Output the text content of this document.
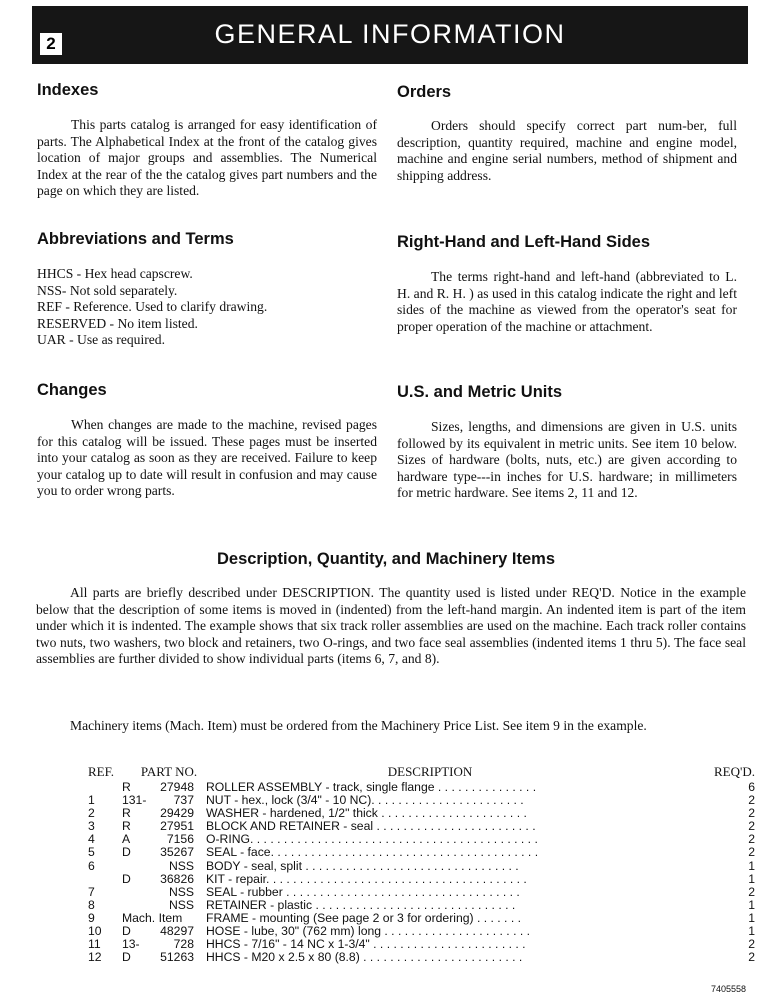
2	GENERAL INFORMATION
Indexes

This parts catalog is arranged for easy identification of parts. The Alphabetical Index at the front of the catalog gives location of major groups and assemblies. The Numerical Index at the rear of the the catalog gives part numbers and the page on which they are listed.

Abbreviations and Terms
HHCS - Hex head capscrew.
NSS- Not sold separately.
REF - Reference. Used to clarify drawing.
RESERVED - No item listed.
UAR - Use as required.
Changes

When changes are made to the machine, revised pages for this catalog will be issued. These pages must be inserted into your catalog as soon as they are received. Failure to keep your catalog up to date will result in confusion and may cause you to order wrong parts.

Orders

Orders should specify correct part num-ber, full description, quantity required, machine and engine model, machine and engine serial numbers, method of shipment and shipping address.

Right-Hand and Left-Hand Sides

The terms right-hand and left-hand (abbreviated to L. H. and R. H. ) as used in this catalog indicate the right and left sides of the machine as viewed from the operator's seat for proper operation of the machine or attachment.

U.S. and Metric Units

Sizes, lengths, and dimensions are given in U.S. units followed by its equivalent in metric units. See item 10 below. Sizes of hardware (bolts, nuts, etc.) are given according to hardware type---in inches for U.S. hardware; in millimeters for metric hardware. See items 2, 11 and 12.

Description, Quantity, and Machinery Items

All parts are briefly described under DESCRIPTION. The quantity used is listed under REQ'D. Notice in the example below that the description of some items is moved in (indented) from the left-hand margin. An indented item is part of the item under which it is indented. The example shows that six track roller assemblies are used on the machine. Each track roller contains two nuts, two washers, two block and retainers, two O-rings, and two face seal assemblies (indented items 1 thru 5). The face seal assemblies are further divided to show individual parts (items 6, 7, and 8).

Machinery items (Mach. Item) must be ordered from the Machinery Price List. See item 9 in the example.

REF.	PART NO.		DESCRIPTION	REQ'D.
	R	27948	ROLLER ASSEMBLY - track, single flange . . . . . . . . . . . . . . .	6
1	131-	737	NUT - hex., lock (3/4" - 10 NC). . . . . . . . . . . . . . . . . . . . . . .	2
2	R	29429	WASHER - hardened, 1/2" thick . . . . . . . . . . . . . . . . . . . . . .	2
3	R	27951	BLOCK AND RETAINER - seal . . . . . . . . . . . . . . . . . . . . . . . .	2
4	A	7156	O-RING. . . . . . . . . . . . . . . . . . . . . . . . . . . . . . . . . . . . . . . . . . .	2
5	D	35267	SEAL - face. . . . . . . . . . . . . . . . . . . . . . . . . . . . . . . . . . . . . . . .	2
6		NSS	BODY - seal, split . . . . . . . . . . . . . . . . . . . . . . . . . . . . . . . .	1
	D	36826	KIT - repair. . . . . . . . . . . . . . . . . . . . . . . . . . . . . . . . . . . . . . .	1
7		NSS	SEAL - rubber . . . . . . . . . . . . . . . . . . . . . . . . . . . . . . . . . . .	2
8		NSS	RETAINER - plastic . . . . . . . . . . . . . . . . . . . . . . . . . . . . . .	1
9	Mach. Item		FRAME - mounting (See page 2 or 3 for ordering) . . . . . . .	1
10	D	48297	HOSE - lube, 30" (762 mm) long . . . . . . . . . . . . . . . . . . . . . .	1
11	13-	728	HHCS - 7/16" - 14 NC x 1-3/4" . . . . . . . . . . . . . . . . . . . . . . .	2
12	D	51263	HHCS - M20 x 2.5 x 80 (8.8) . . . . . . . . . . . . . . . . . . . . . . . .	2
7405558
